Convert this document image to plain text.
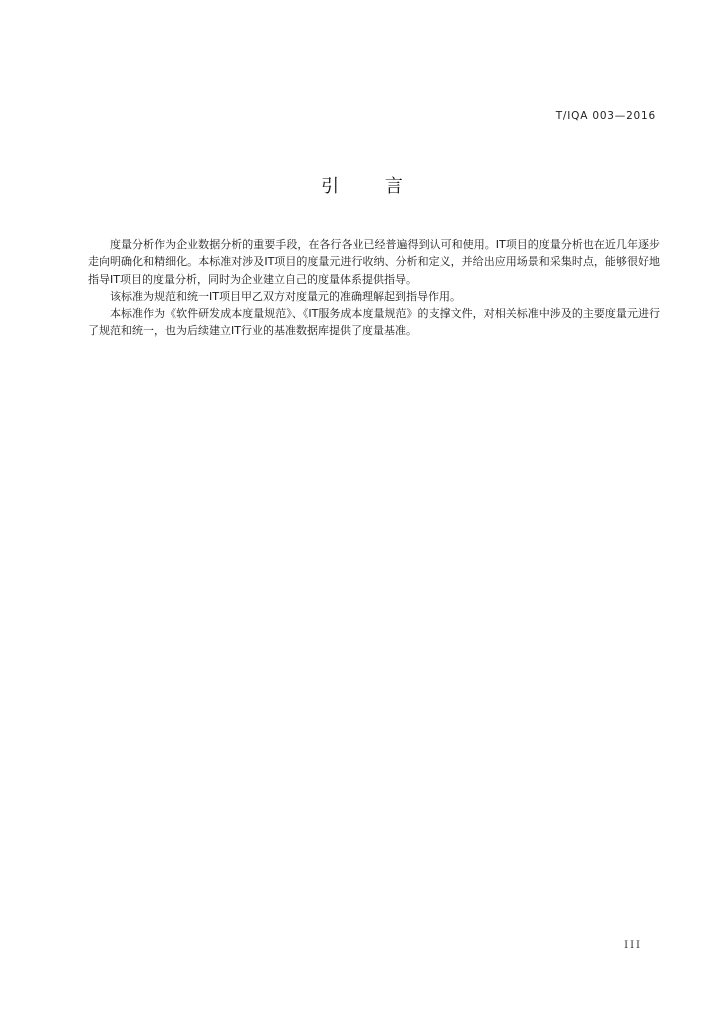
T/IQA 003—2016
引 言

度量分析作为企业数据分析的重要手段，在各行各业已经普遍得到认可和使用。IT项目的度量分析也在近几年逐步走向明确化和精细化。本标准对涉及IT项目的度量元进行收纳、分析和定义，并给出应用场景和采集时点，能够很好地指导IT项目的度量分析，同时为企业建立自己的度量体系提供指导。

该标准为规范和统一IT项目甲乙双方对度量元的准确理解起到指导作用。

本标准作为《软件研发成本度量规范》、《IT服务成本度量规范》的支撑文件，对相关标准中涉及的主要度量元进行了规范和统一，也为后续建立IT行业的基准数据库提供了度量基准。

III
